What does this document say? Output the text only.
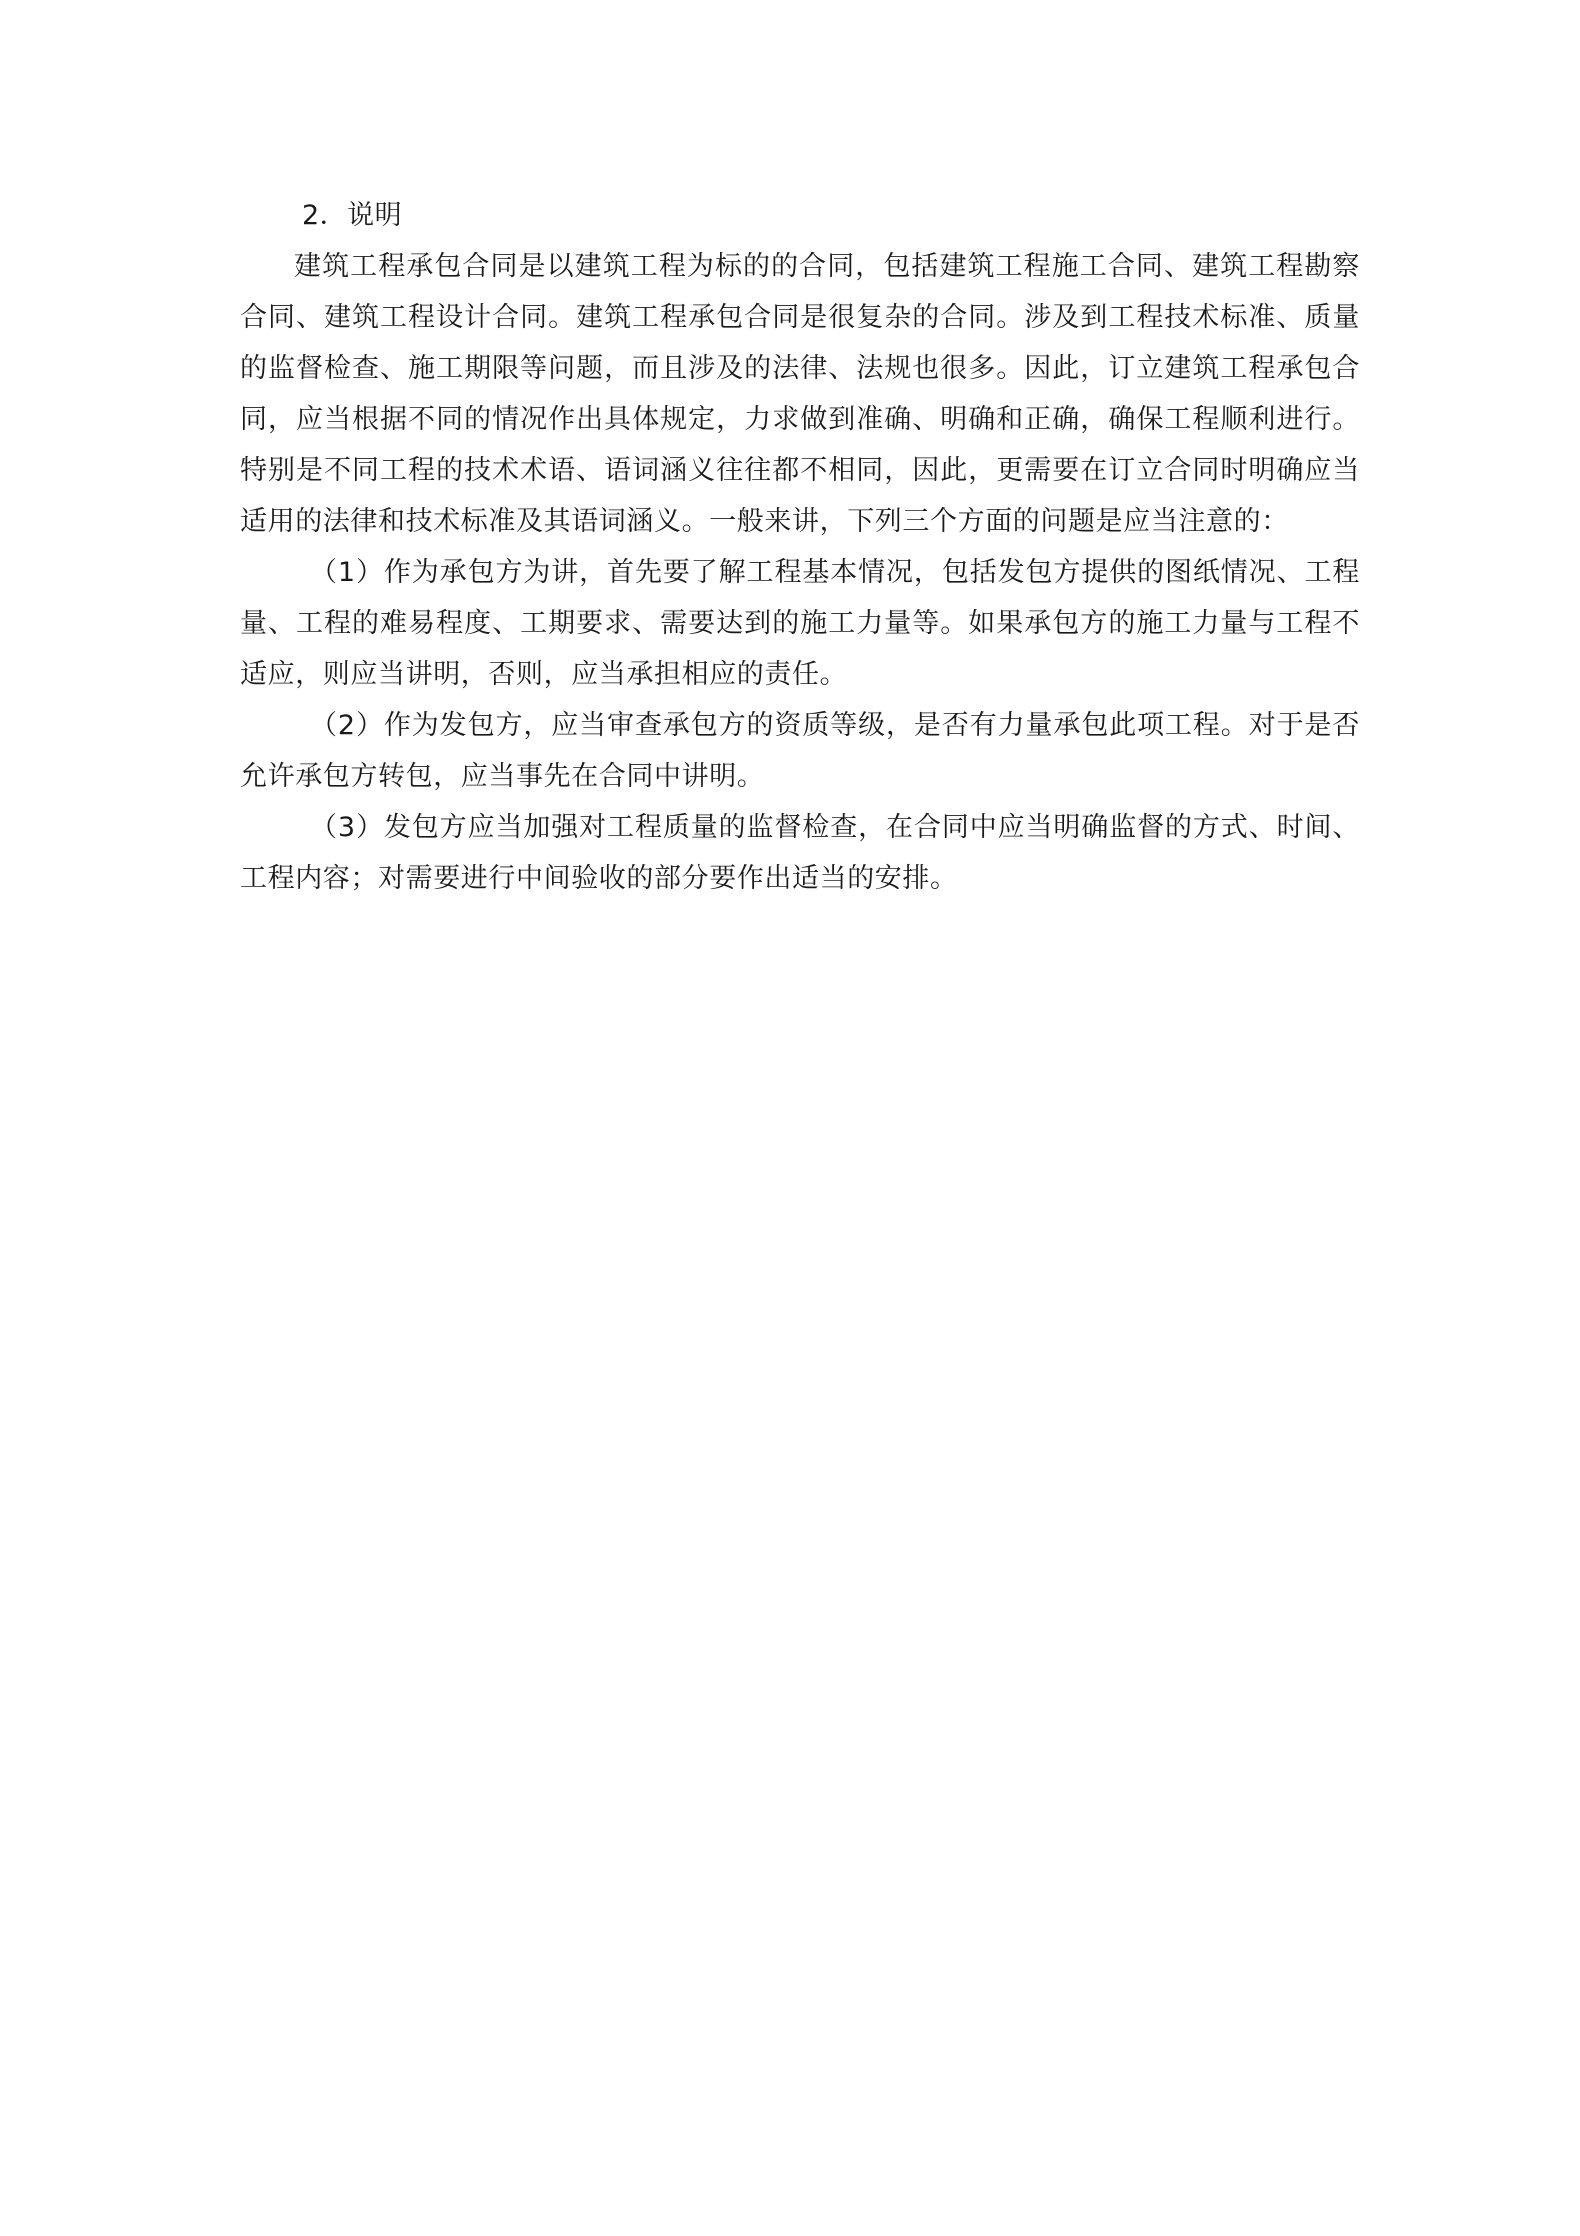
2．说明

建筑工程承包合同是以建筑工程为标的的合同，包括建筑工程施工合同、建筑工程勘察合同、建筑工程设计合同。建筑工程承包合同是很复杂的合同。涉及到工程技术标准、质量的监督检查、施工期限等问题，而且涉及的法律、法规也很多。因此，订立建筑工程承包合同，应当根据不同的情况作出具体规定，力求做到准确、明确和正确，确保工程顺利进行。特别是不同工程的技术术语、语词涵义往往都不相同，因此，更需要在订立合同时明确应当适用的法律和技术标准及其语词涵义。一般来讲，下列三个方面的问题是应当注意的：

（1）作为承包方为讲，首先要了解工程基本情况，包括发包方提供的图纸情况、工程量、工程的难易程度、工期要求、需要达到的施工力量等。如果承包方的施工力量与工程不适应，则应当讲明，否则，应当承担相应的责任。

（2）作为发包方，应当审查承包方的资质等级，是否有力量承包此项工程。对于是否允许承包方转包，应当事先在合同中讲明。

（3）发包方应当加强对工程质量的监督检查，在合同中应当明确监督的方式、时间、工程内容；对需要进行中间验收的部分要作出适当的安排。
